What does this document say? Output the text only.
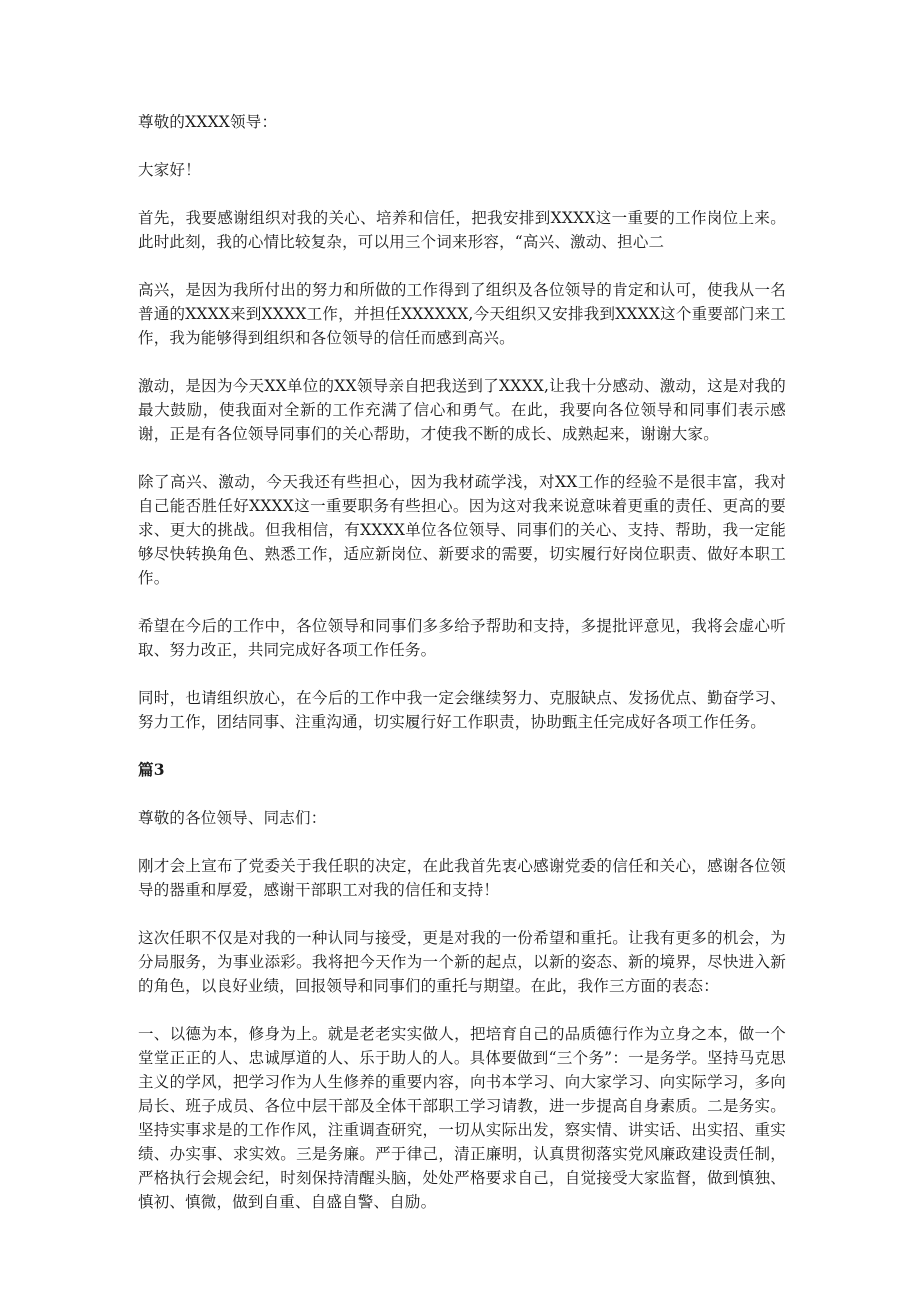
尊敬的XXXX领导：

大家好！

首先，我要感谢组织对我的关心、培养和信任，把我安排到XXXX这一重要的工作岗位上来。此时此刻，我的心情比较复杂，可以用三个词来形容，“高兴、激动、担心二

高兴，是因为我所付出的努力和所做的工作得到了组织及各位领导的肯定和认可，使我从一名普通的XXXX来到XXXX工作，并担任XXXXXX,今天组织又安排我到XXXX这个重要部门来工作，我为能够得到组织和各位领导的信任而感到高兴。

激动，是因为今天XX单位的XX领导亲自把我送到了XXXX,让我十分感动、激动，这是对我的最大鼓励，使我面对全新的工作充满了信心和勇气。在此，我要向各位领导和同事们表示感谢，正是有各位领导同事们的关心帮助，才使我不断的成长、成熟起来，谢谢大家。

除了高兴、激动，今天我还有些担心，因为我材疏学浅，对XX工作的经验不是很丰富，我对自己能否胜任好XXXX这一重要职务有些担心。因为这对我来说意味着更重的责任、更高的要求、更大的挑战。但我相信，有XXXX单位各位领导、同事们的关心、支持、帮助，我一定能够尽快转换角色、熟悉工作，适应新岗位、新要求的需要，切实履行好岗位职责、做好本职工作。

希望在今后的工作中，各位领导和同事们多多给予帮助和支持，多提批评意见，我将会虚心听取、努力改正，共同完成好各项工作任务。

同时，也请组织放心，在今后的工作中我一定会继续努力、克服缺点、发扬优点、勤奋学习、努力工作，团结同事、注重沟通，切实履行好工作职责，协助甄主任完成好各项工作任务。

篇3

尊敬的各位领导、同志们：

刚才会上宣布了党委关于我任职的决定，在此我首先衷心感谢党委的信任和关心，感谢各位领导的器重和厚爱，感谢干部职工对我的信任和支持！

这次任职不仅是对我的一种认同与接受，更是对我的一份希望和重托。让我有更多的机会，为分局服务，为事业添彩。我将把今天作为一个新的起点，以新的姿态、新的境界，尽快进入新的角色，以良好业绩，回报领导和同事们的重托与期望。在此，我作三方面的表态：

一、以德为本，修身为上。就是老老实实做人，把培育自己的品质德行作为立身之本，做一个堂堂正正的人、忠诚厚道的人、乐于助人的人。具体要做到“三个务”：一是务学。坚持马克思主义的学风，把学习作为人生修养的重要内容，向书本学习、向大家学习、向实际学习，多向局长、班子成员、各位中层干部及全体干部职工学习请教，进一步提高自身素质。二是务实。坚持实事求是的工作作风，注重调查研究，一切从实际出发，察实情、讲实话、出实招、重实绩、办实事、求实效。三是务廉。严于律己，清正廉明，认真贯彻落实党风廉政建设责任制，严格执行会规会纪，时刻保持清醒头脑，处处严格要求自己，自觉接受大家监督，做到慎独、慎初、慎微，做到自重、自盛自警、自励。
